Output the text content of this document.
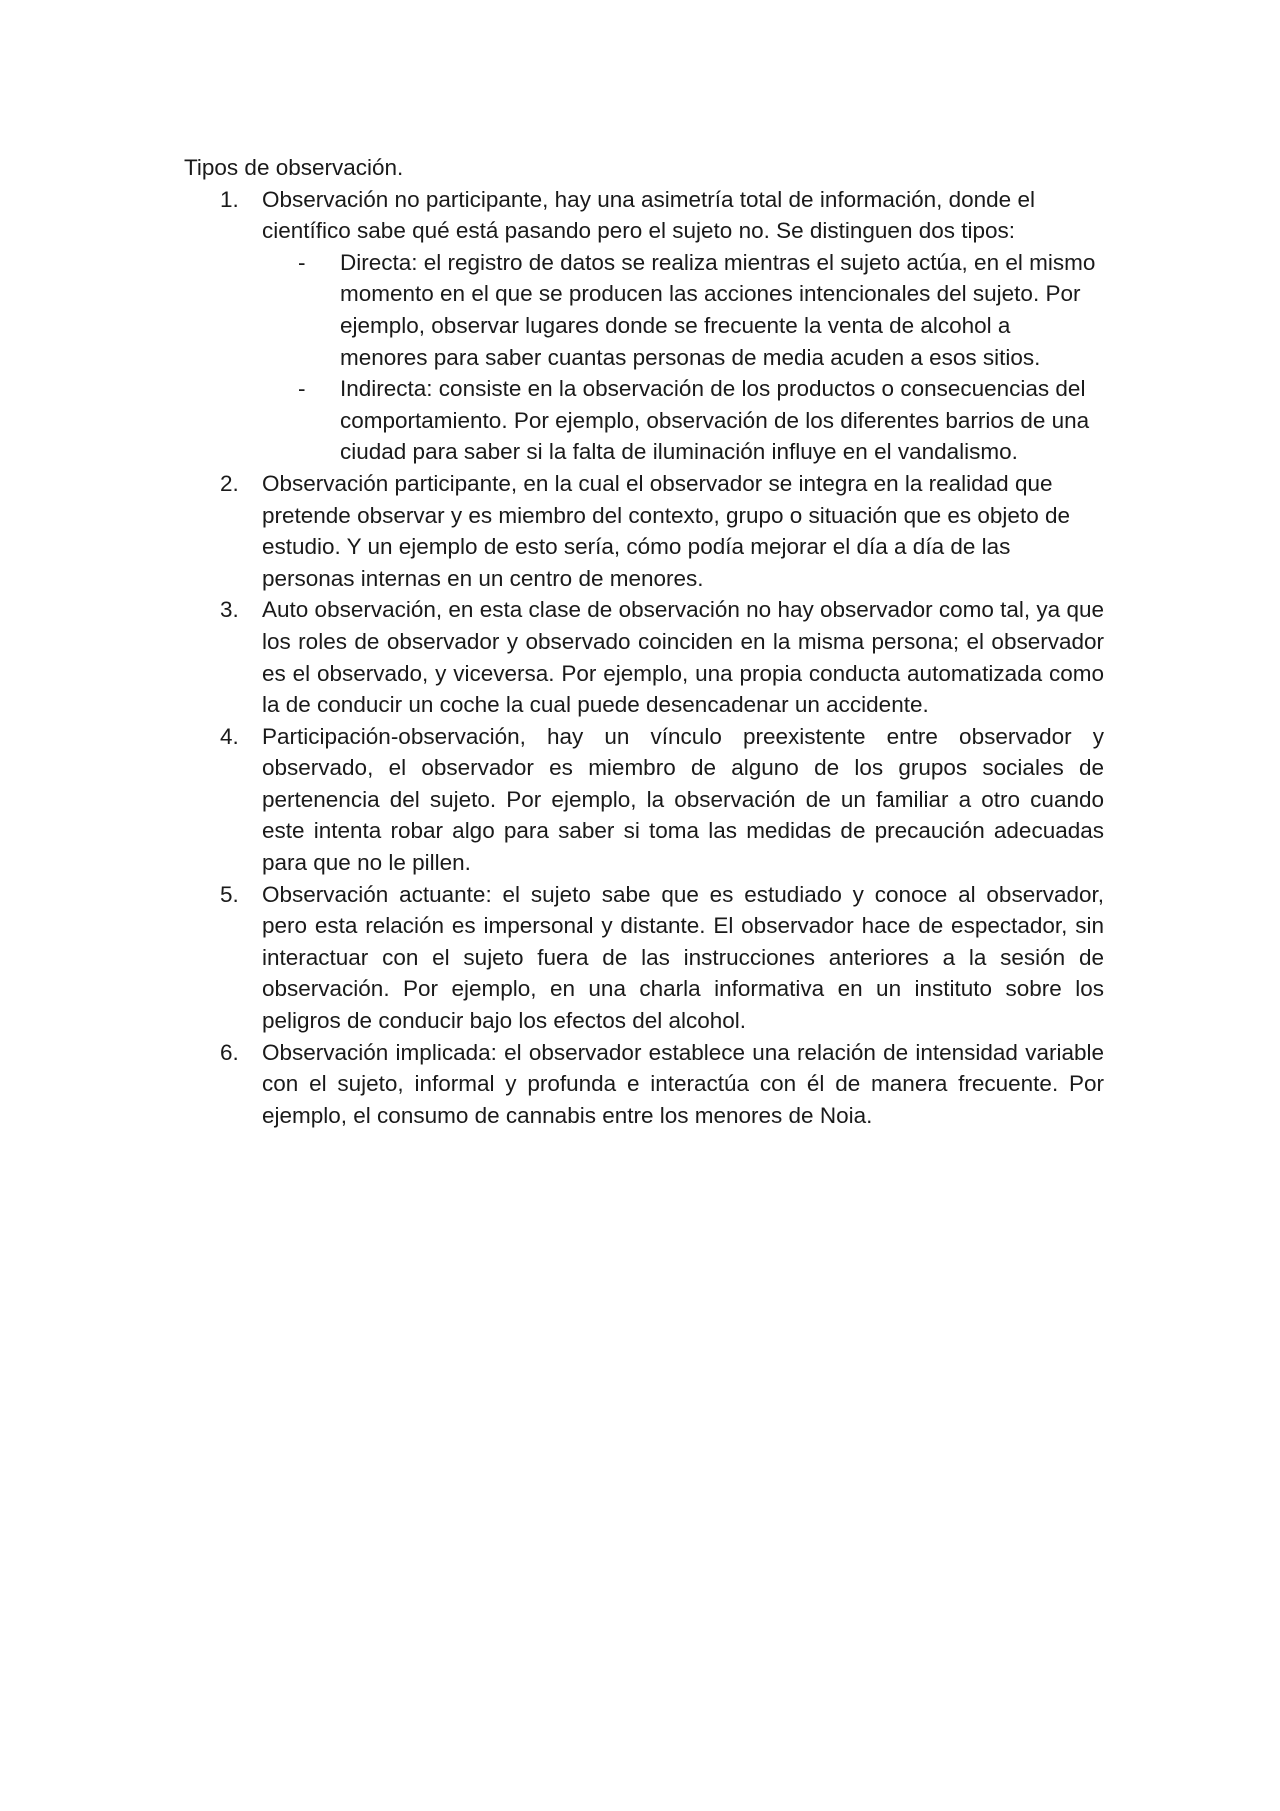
Tipos de observación.

1. Observación no participante, hay una asimetría total de información, donde el científico sabe qué está pasando pero el sujeto no. Se distinguen dos tipos:

- Directa: el registro de datos se realiza mientras el sujeto actúa, en el mismo momento en el que se producen las acciones intencionales del sujeto. Por ejemplo, observar lugares donde se frecuente la venta de alcohol a menores para saber cuantas personas de media acuden a esos sitios.

- Indirecta: consiste en la observación de los productos o consecuencias del comportamiento. Por ejemplo, observación de los diferentes barrios de una ciudad para saber si la falta de iluminación influye en el vandalismo.

2. Observación participante, en la cual el observador se integra en la realidad que pretende observar y es miembro del contexto, grupo o situación que es objeto de estudio. Y un ejemplo de esto sería, cómo podía mejorar el día a día de las personas internas en un centro de menores.

3. Auto observación, en esta clase de observación no hay observador como tal, ya que los roles de observador y observado coinciden en la misma persona; el observador es el observado, y viceversa. Por ejemplo, una propia conducta automatizada como la de conducir un coche la cual puede desencadenar un accidente.

4. Participación-observación, hay un vínculo preexistente entre observador y observado, el observador es miembro de alguno de los grupos sociales de pertenencia del sujeto. Por ejemplo, la observación de un familiar a otro cuando este intenta robar algo para saber si toma las medidas de precaución adecuadas para que no le pillen.

5. Observación actuante: el sujeto sabe que es estudiado y conoce al observador, pero esta relación es impersonal y distante. El observador hace de espectador, sin interactuar con el sujeto fuera de las instrucciones anteriores a la sesión de observación. Por ejemplo, en una charla informativa en un instituto sobre los peligros de conducir bajo los efectos del alcohol.

6. Observación implicada: el observador establece una relación de intensidad variable con el sujeto, informal y profunda e interactúa con él de manera frecuente. Por ejemplo, el consumo de cannabis entre los menores de Noia.
